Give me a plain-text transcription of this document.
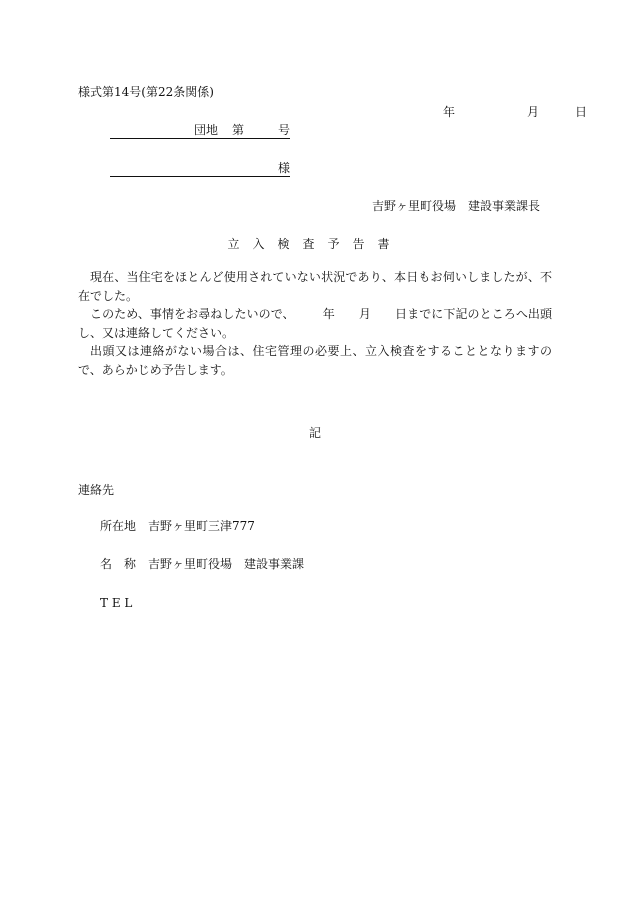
様式第14号(第22条関係)
年	月	日
団地 第	号

様
吉野ヶ里町役場 建設事業課長
立入検査予告書

現在、当住宅をほとんど使用されていない状況であり、本日もお伺いしましたが、不在でした。

このため、事情をお尋ねしたいので、 年 月 日までに下記のところへ出頭し、又は連絡してください。

出頭又は連絡がない場合は、住宅管理の必要上、立入検査をすることとなりますので、あらかじめ予告します。

記
連絡先
所在地 吉野ヶ里町三津777
名　称 吉野ヶ里町役場　建設事業課
T E L
